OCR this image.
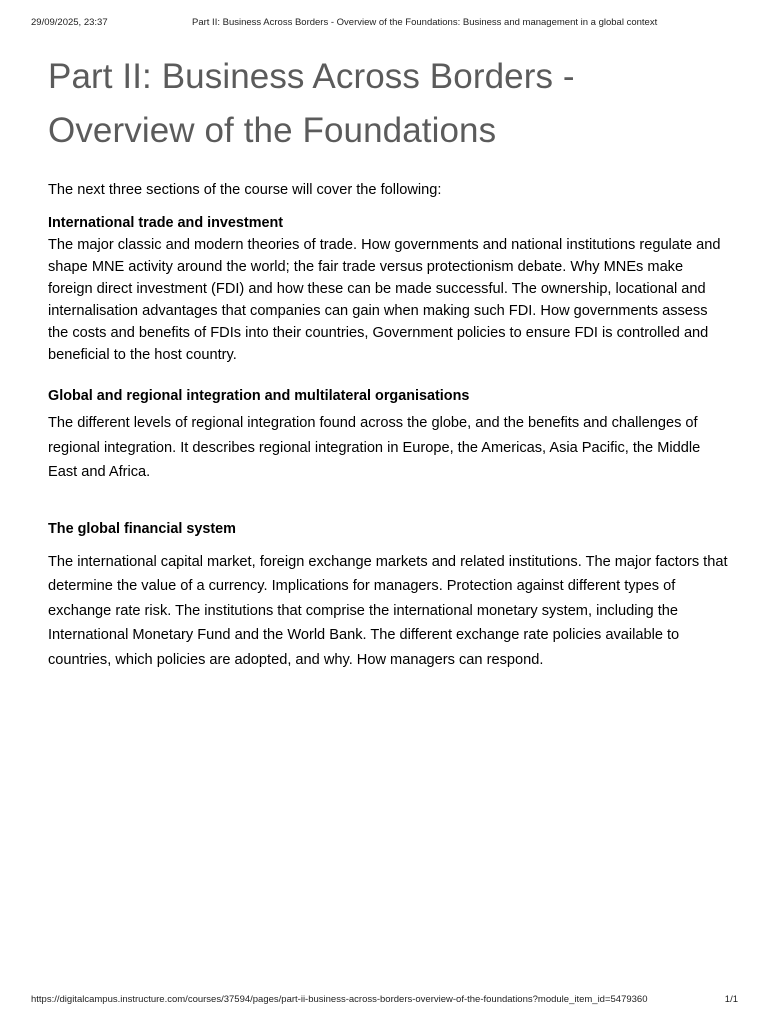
29/09/2025, 23:37	Part II: Business Across Borders - Overview of the Foundations: Business and management in a global context
Part II: Business Across Borders - Overview of the Foundations

The next three sections of the course will cover the following:

International trade and investment

The major classic and modern theories of trade. How governments and national institutions regulate and shape MNE activity around the world; the fair trade versus protectionism debate. Why MNEs make foreign direct investment (FDI) and how these can be made successful. The ownership, locational and internalisation advantages that companies can gain when making such FDI. How governments assess the costs and benefits of FDIs into their countries, Government policies to ensure FDI is controlled and beneficial to the host country.

Global and regional integration and multilateral organisations

The different levels of regional integration found across the globe, and the benefits and challenges of regional integration. It describes regional integration in Europe, the Americas, Asia Pacific, the Middle East and Africa.

The global financial system

The international capital market, foreign exchange markets and related institutions. The major factors that determine the value of a currency. Implications for managers. Protection against different types of exchange rate risk. The institutions that comprise the international monetary system, including the International Monetary Fund and the World Bank. The different exchange rate policies available to countries, which policies are adopted, and why. How managers can respond.

https://digitalcampus.instructure.com/courses/37594/pages/part-ii-business-across-borders-overview-of-the-foundations?module_item_id=5479360	1/1
